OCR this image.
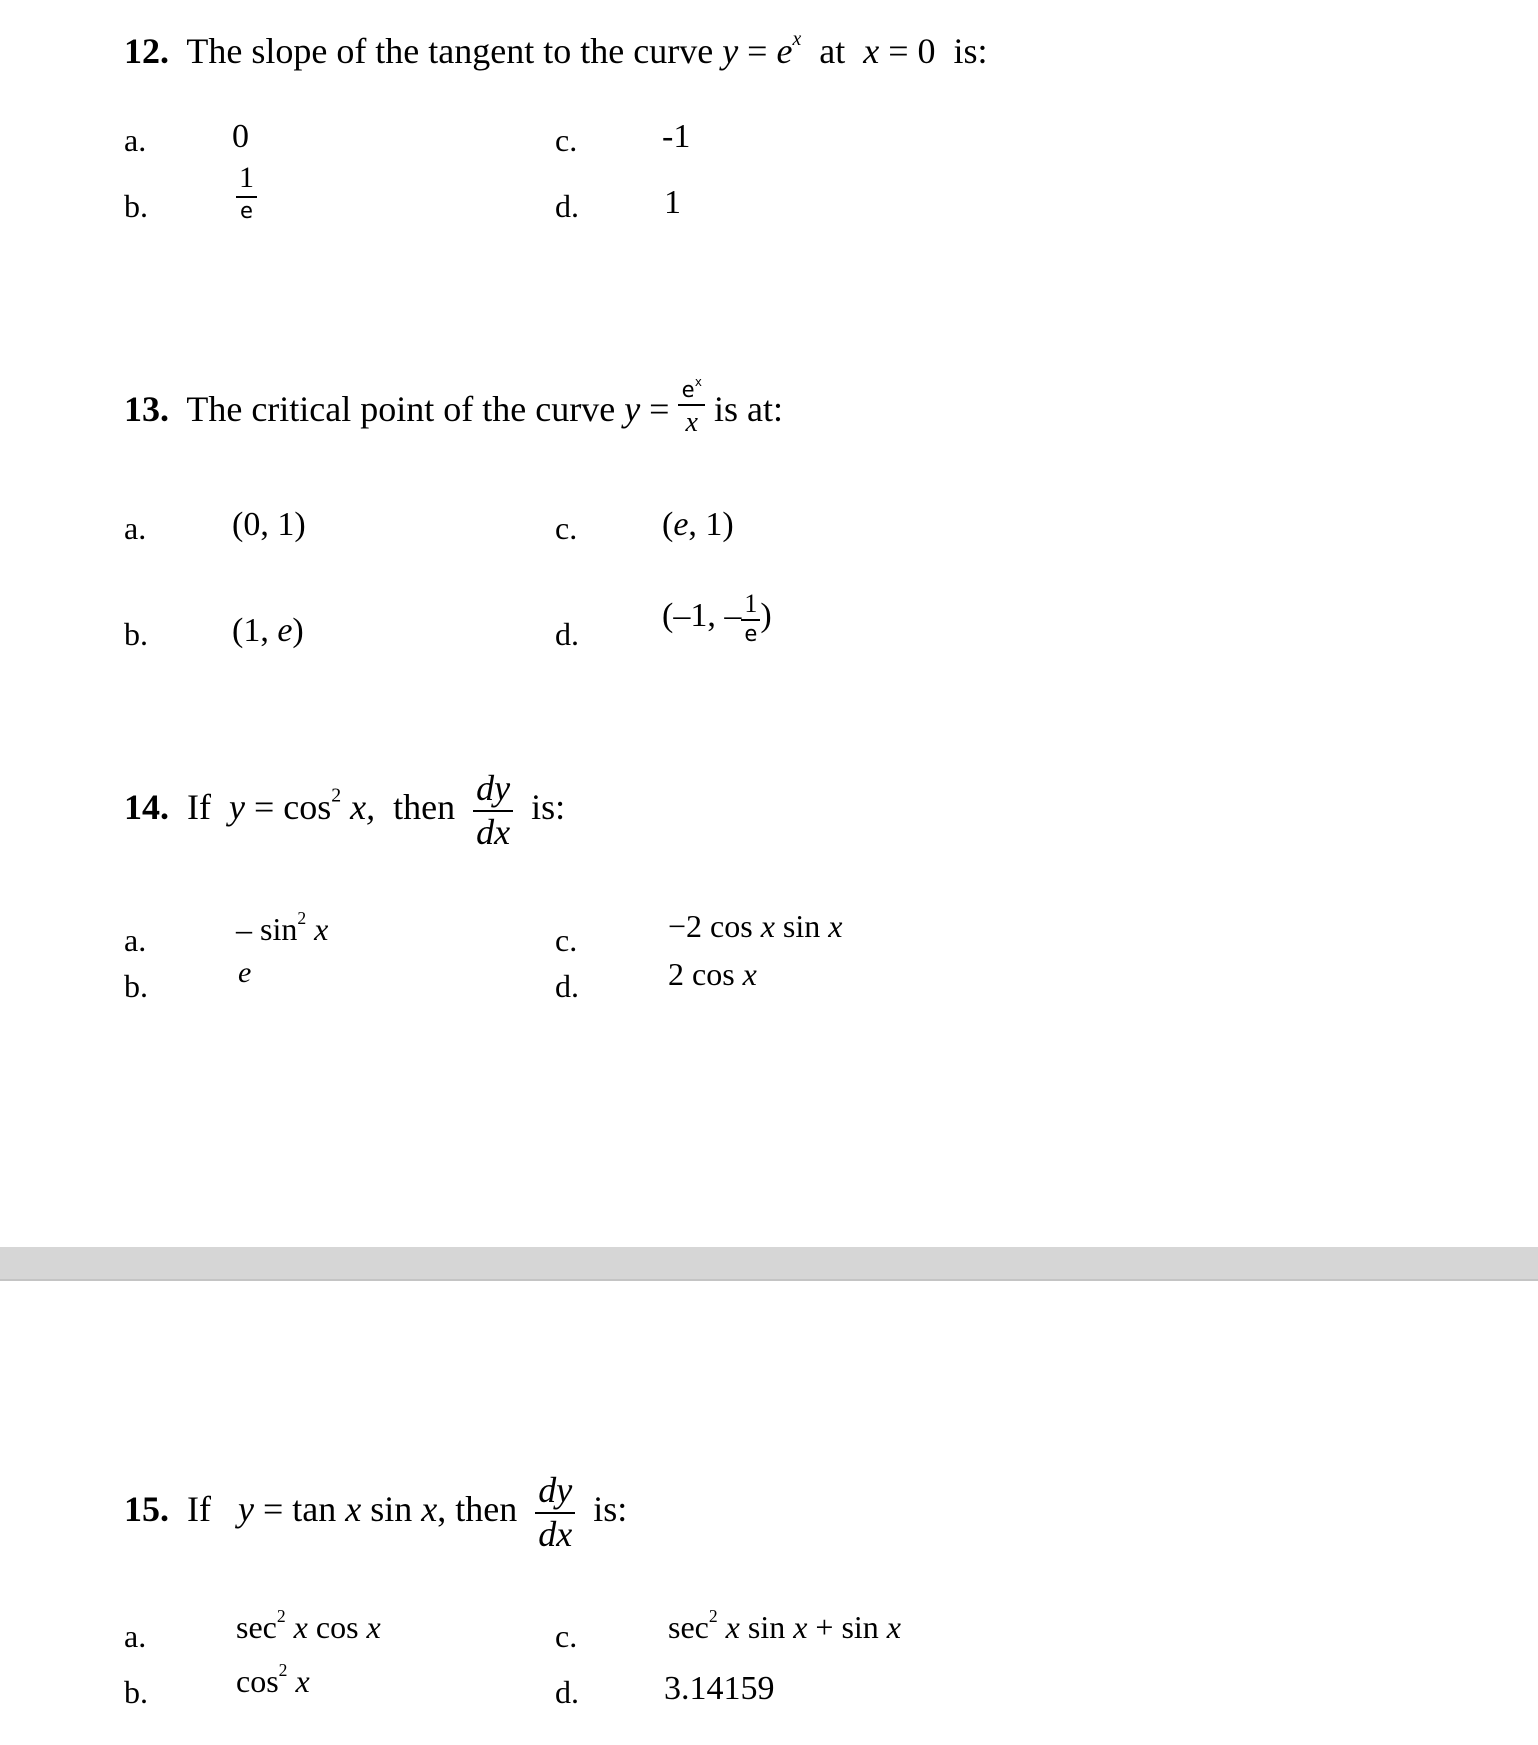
12. The slope of the tangent to the curve $y = e^x$ at x = 0 is:
a.	0
b.	$\frac{1}{e}$
c. -1
d.	1
13. The critical point of the curve $y = \frac{e^x}{x}$ is at:
a.	(0, 1)
b. (1, e)
c. (e, 1)
d. (–1, – $\frac{1}{e}$ )
14. If $y = \cos^2 x$, then $\frac{dy}{dx}$ is:
a.	– $\sin^2 x$
b.	e
c.	−2 cos x sin x
d.	2 cos x
15. If y = tan x sin x, then $\frac{dy}{dx}$ is:
a.	$\sec^2 x$ cos x
b.	$\cos^2 x$
c.	$\sec^2 x$ sin x + sin x
d.	3.14159
